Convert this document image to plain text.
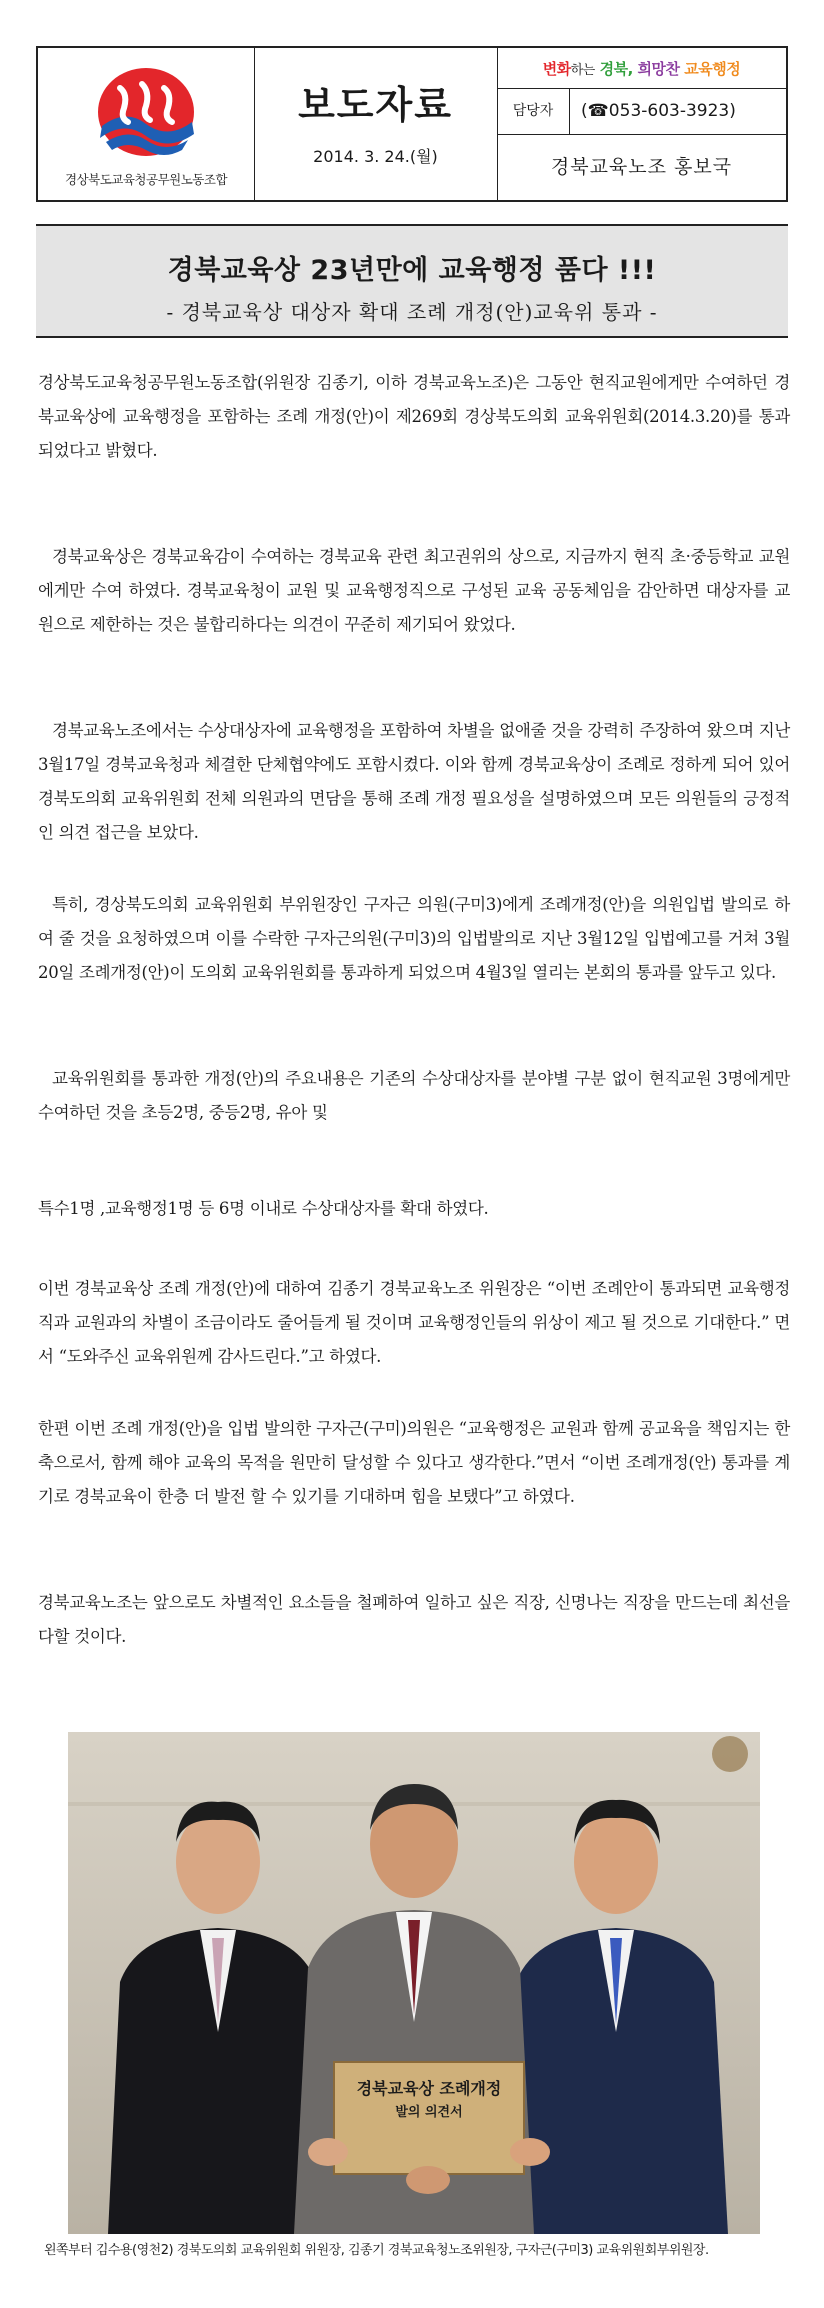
경상북도교육청공무원노동조합
보도자료
2014. 3. 24.(월)
변화하는 경북, 희망찬 교육행정
담당자	(☎053-603-3923)
경북교육노조 홍보국
경북교육상 23년만에 교육행정 품다 !!!
- 경북교육상 대상자 확대 조례 개정(안)교육위 통과 -

경상북도교육청공무원노동조합(위원장 김종기, 이하 경북교육노조)은 그동안 현직교원에게만 수여하던 경북교육상에 교육행정을 포함하는 조례 개정(안)이 제269회 경상북도의회 교육위원회(2014.3.20)를 통과 되었다고 밝혔다.

경북교육상은 경북교육감이 수여하는 경북교육 관련 최고권위의 상으로, 지금까지 현직 초·중등학교 교원에게만 수여 하였다. 경북교육청이 교원 및 교육행정직으로 구성된 교육 공동체임을 감안하면 대상자를 교원으로 제한하는 것은 불합리하다는 의견이 꾸준히 제기되어 왔었다.

경북교육노조에서는 수상대상자에 교육행정을 포함하여 차별을 없애줄 것을 강력히 주장하여 왔으며 지난 3월17일 경북교육청과 체결한 단체협약에도 포함시켰다. 이와 함께 경북교육상이 조례로 정하게 되어 있어 경북도의회 교육위원회 전체 의원과의 면담을 통해 조례 개정 필요성을 설명하였으며 모든 의원들의 긍정적인 의견 접근을 보았다.

특히, 경상북도의회 교육위원회 부위원장인 구자근 의원(구미3)에게 조례개정(안)을 의원입법 발의로 하여 줄 것을 요청하였으며 이를 수락한 구자근의원(구미3)의 입법발의로 지난 3월12일 입법예고를 거쳐 3월20일 조례개정(안)이 도의회 교육위원회를 통과하게 되었으며 4월3일 열리는 본회의 통과를 앞두고 있다.

교육위원회를 통과한 개정(안)의 주요내용은 기존의 수상대상자를 분야별 구분 없이 현직교원 3명에게만 수여하던 것을 초등2명, 중등2명, 유아 및

특수1명 ,교육행정1명 등 6명 이내로 수상대상자를 확대 하였다.

이번 경북교육상 조례 개정(안)에 대하여 김종기 경북교육노조 위원장은 “이번 조례안이 통과되면 교육행정직과 교원과의 차별이 조금이라도 줄어들게 될 것이며 교육행정인들의 위상이 제고 될 것으로 기대한다.” 면서 “도와주신 교육위원께 감사드린다.”고 하였다.

한편 이번 조례 개정(안)을 입법 발의한 구자근(구미)의원은 “교육행정은 교원과 함께 공교육을 책임지는 한축으로서, 함께 해야 교육의 목적을 원만히 달성할 수 있다고 생각한다.”면서 “이번 조례개정(안) 통과를 계기로 경북교육이 한층 더 발전 할 수 있기를 기대하며 힘을 보탰다”고 하였다.

경북교육노조는 앞으로도 차별적인 요소들을 철폐하여 일하고 싶은 직장, 신명나는 직장을 만드는데 최선을 다할 것이다.

경북교육상 조례개정
발의 의견서

왼쪽부터 김수용(영천2) 경북도의회 교육위원회 위원장, 김종기 경북교육청노조위원장, 구자근(구미3) 교육위원회부위원장.
